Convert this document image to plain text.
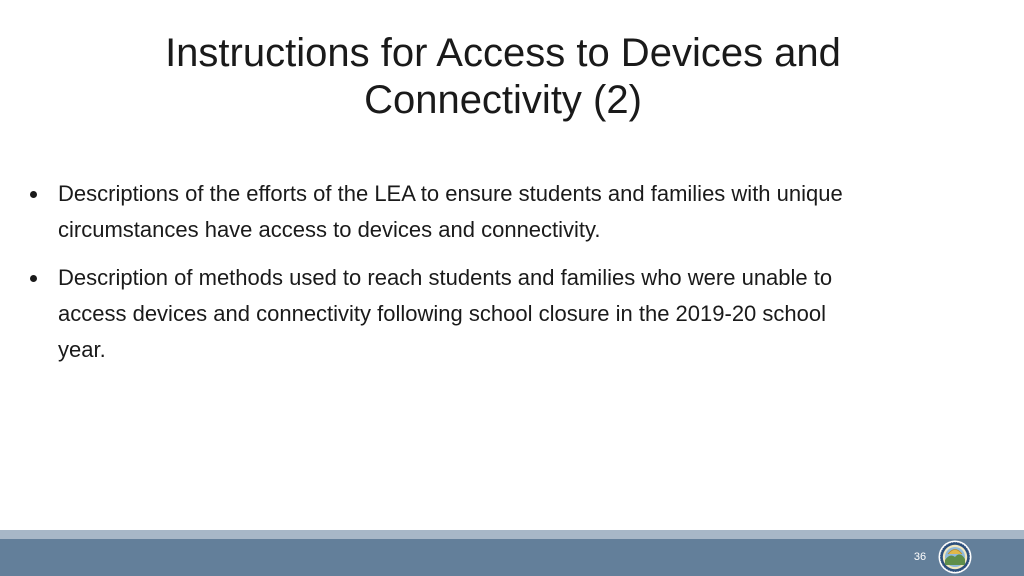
Instructions for Access to Devices and
Connectivity (2)
Descriptions of the efforts of the LEA to ensure students and families with unique
circumstances have access to devices and connectivity.
Description of methods used to reach students and families who were unable to
access devices and connectivity following school closure in the 2019-20 school
year.
36
